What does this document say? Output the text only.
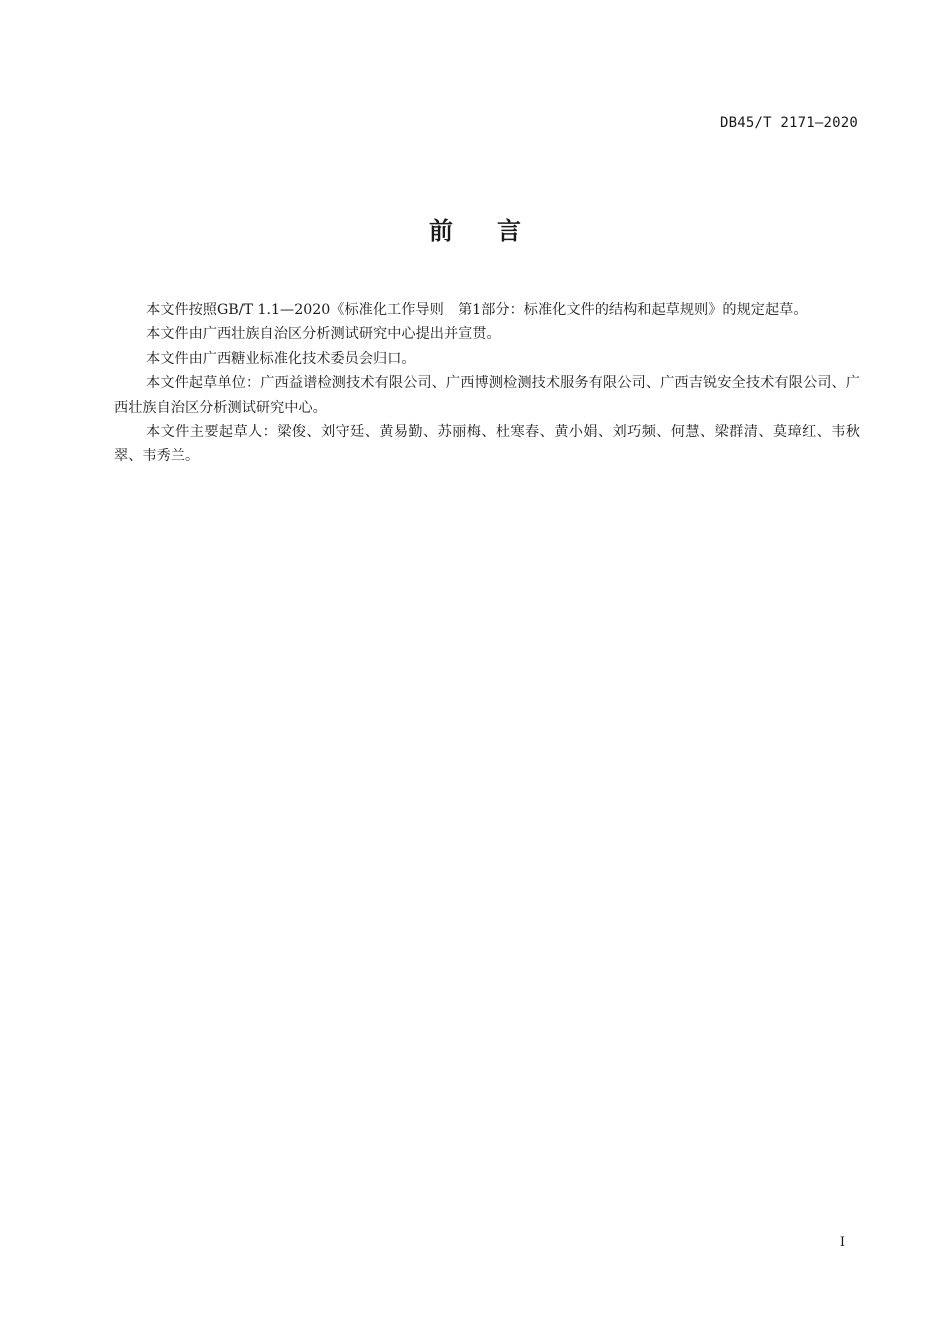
DB45/T 2171—2020
前言

本文件按照GB/T 1.1—2020《标准化工作导则　第1部分：标准化文件的结构和起草规则》的规定起草。

本文件由广西壮族自治区分析测试研究中心提出并宣贯。

本文件由广西糖业标准化技术委员会归口。

本文件起草单位：广西益谱检测技术有限公司、广西博测检测技术服务有限公司、广西吉锐安全技术有限公司、广西壮族自治区分析测试研究中心。

本文件主要起草人：梁俊、刘守廷、黄易勤、苏丽梅、杜寒春、黄小娟、刘巧频、何慧、梁群清、莫璋红、韦秋翠、韦秀兰。

I
